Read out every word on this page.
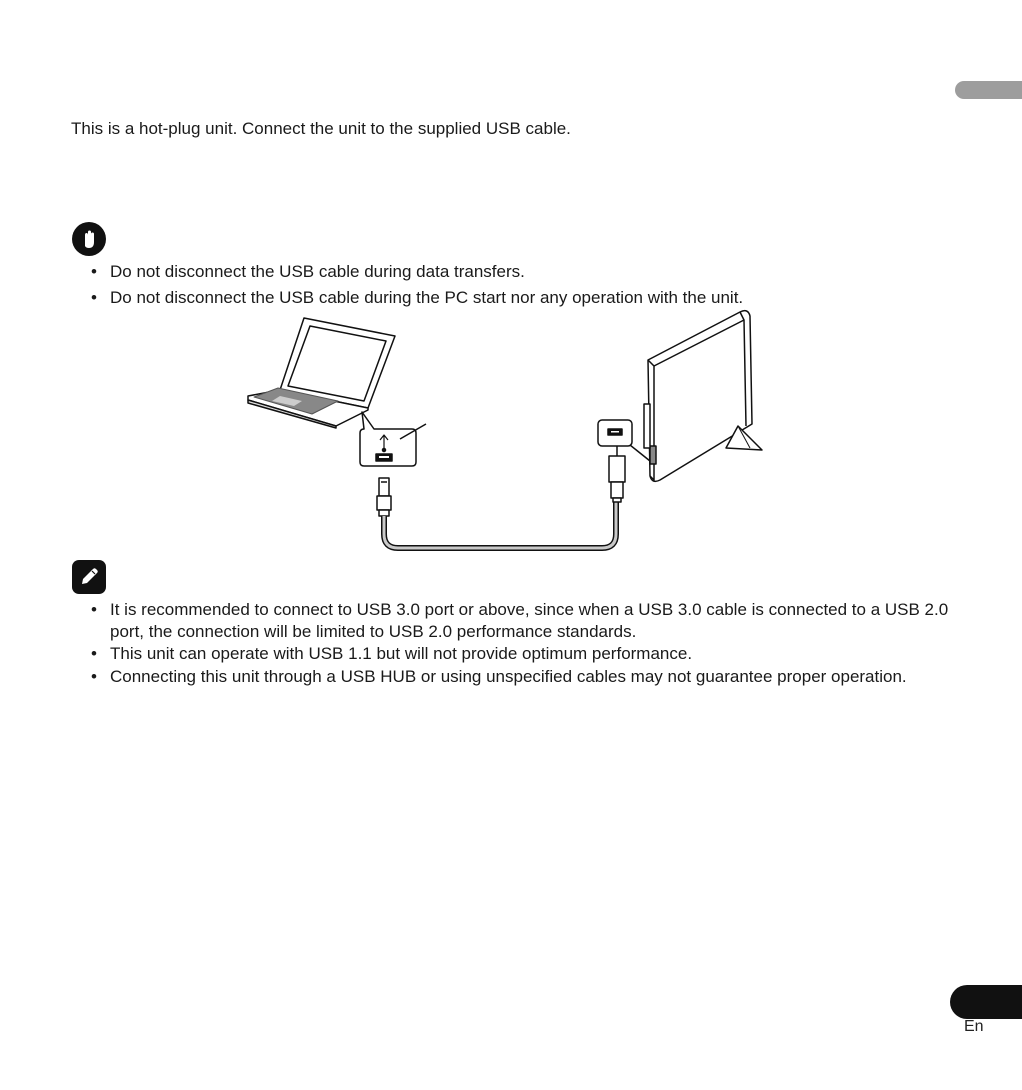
En
This is a hot-plug unit. Connect the unit to the supplied USB cable.
• Do not disconnect the USB cable during data transfers.
• Do not disconnect the USB cable during the PC start nor any operation with the unit.
• It is recommended to connect to USB 3.0 port or above, since when a USB 3.0 cable is connected to a USB 2.0 port, the connection will be limited to USB 2.0 performance standards.
• This unit can operate with USB 1.1 but will not provide optimum performance.
• Connecting this unit through a USB HUB or using unspecified cables may not guarantee proper operation.
